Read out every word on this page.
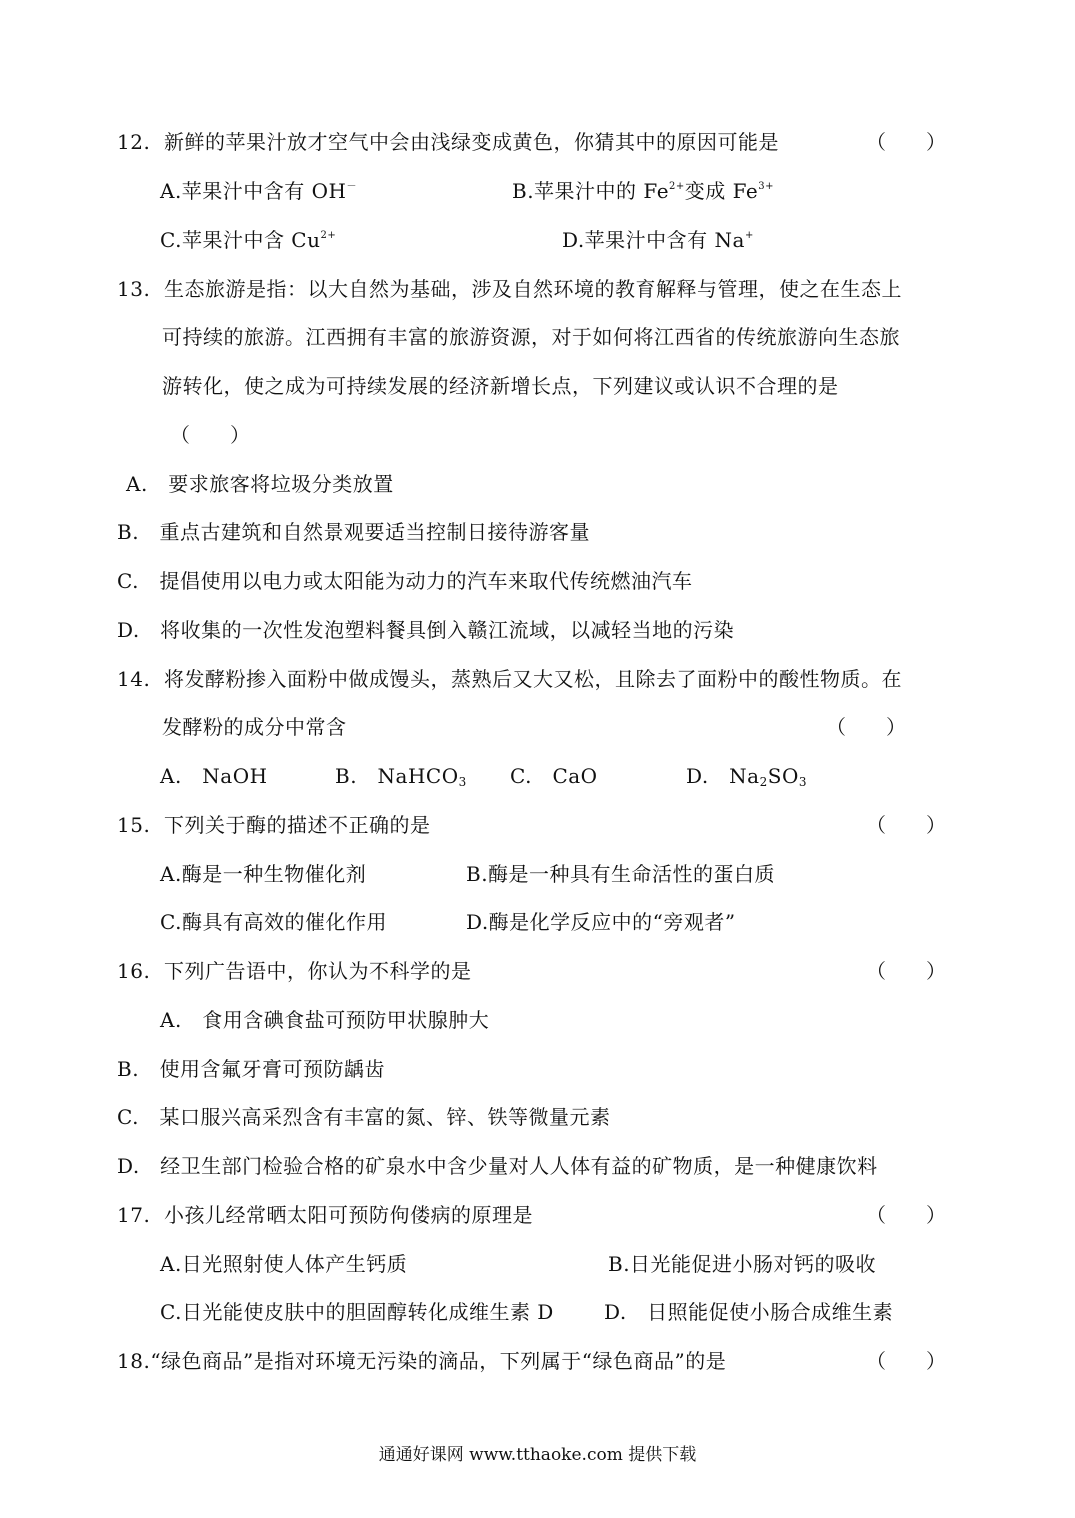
12. 新鲜的苹果汁放才空气中会由浅绿变成黄色，你猜其中的原因可能是	（　　）
A.苹果汁中含有 OH－	B.苹果汁中的 $Fe^{2+}$变成 $Fe^{3+}$
C.苹果汁中含 $Cu^{2+}$	D.苹果汁中含有 Na+
13. 生态旅游是指：以大自然为基础，涉及自然环境的教育解释与管理，使之在生态上
可持续的旅游。江西拥有丰富的旅游资源，对于如何将江西省的传统旅游向生态旅
游转化，使之成为可持续发展的经济新增长点，下列建议或认识不合理的是
（　　）
A.　要求旅客将垃圾分类放置
B.　重点古建筑和自然景观要适当控制日接待游客量
C.　提倡使用以电力或太阳能为动力的汽车来取代传统燃油汽车
D.　将收集的一次性发泡塑料餐具倒入赣江流域，以减轻当地的污染
14. 将发酵粉掺入面粉中做成馒头，蒸熟后又大又松，且除去了面粉中的酸性物质。在
发酵粉的成分中常含	（　　）
A.　NaOH	B.　NaHCO$_3$ C.　CaO	D.　$Na_2SO_3$
15. 下列关于酶的描述不正确的是	（　　）
A.酶是一种生物催化剂	B.酶是一种具有生命活性的蛋白质
C.酶具有高效的催化作用	D.酶是化学反应中的“旁观者”
16. 下列广告语中，你认为不科学的是	（　　）
A.　食用含碘食盐可预防甲状腺肿大
B.　使用含氟牙膏可预防龋齿
C.　某口服兴高采烈含有丰富的氮、锌、铁等微量元素
D.　经卫生部门检验合格的矿泉水中含少量对人人体有益的矿物质，是一种健康饮料
17. 小孩儿经常晒太阳可预防佝偻病的原理是	（　　）
A.日光照射使人体产生钙质	B.日光能促进小肠对钙的吸收
C.日光能使皮肤中的胆固醇转化成维生素 D	D.　日照能促使小肠合成维生素
18.“绿色商品”是指对环境无污染的滴品，下列属于“绿色商品”的是	（　　）
通通好课网 www.tthaoke.com 提供下载
